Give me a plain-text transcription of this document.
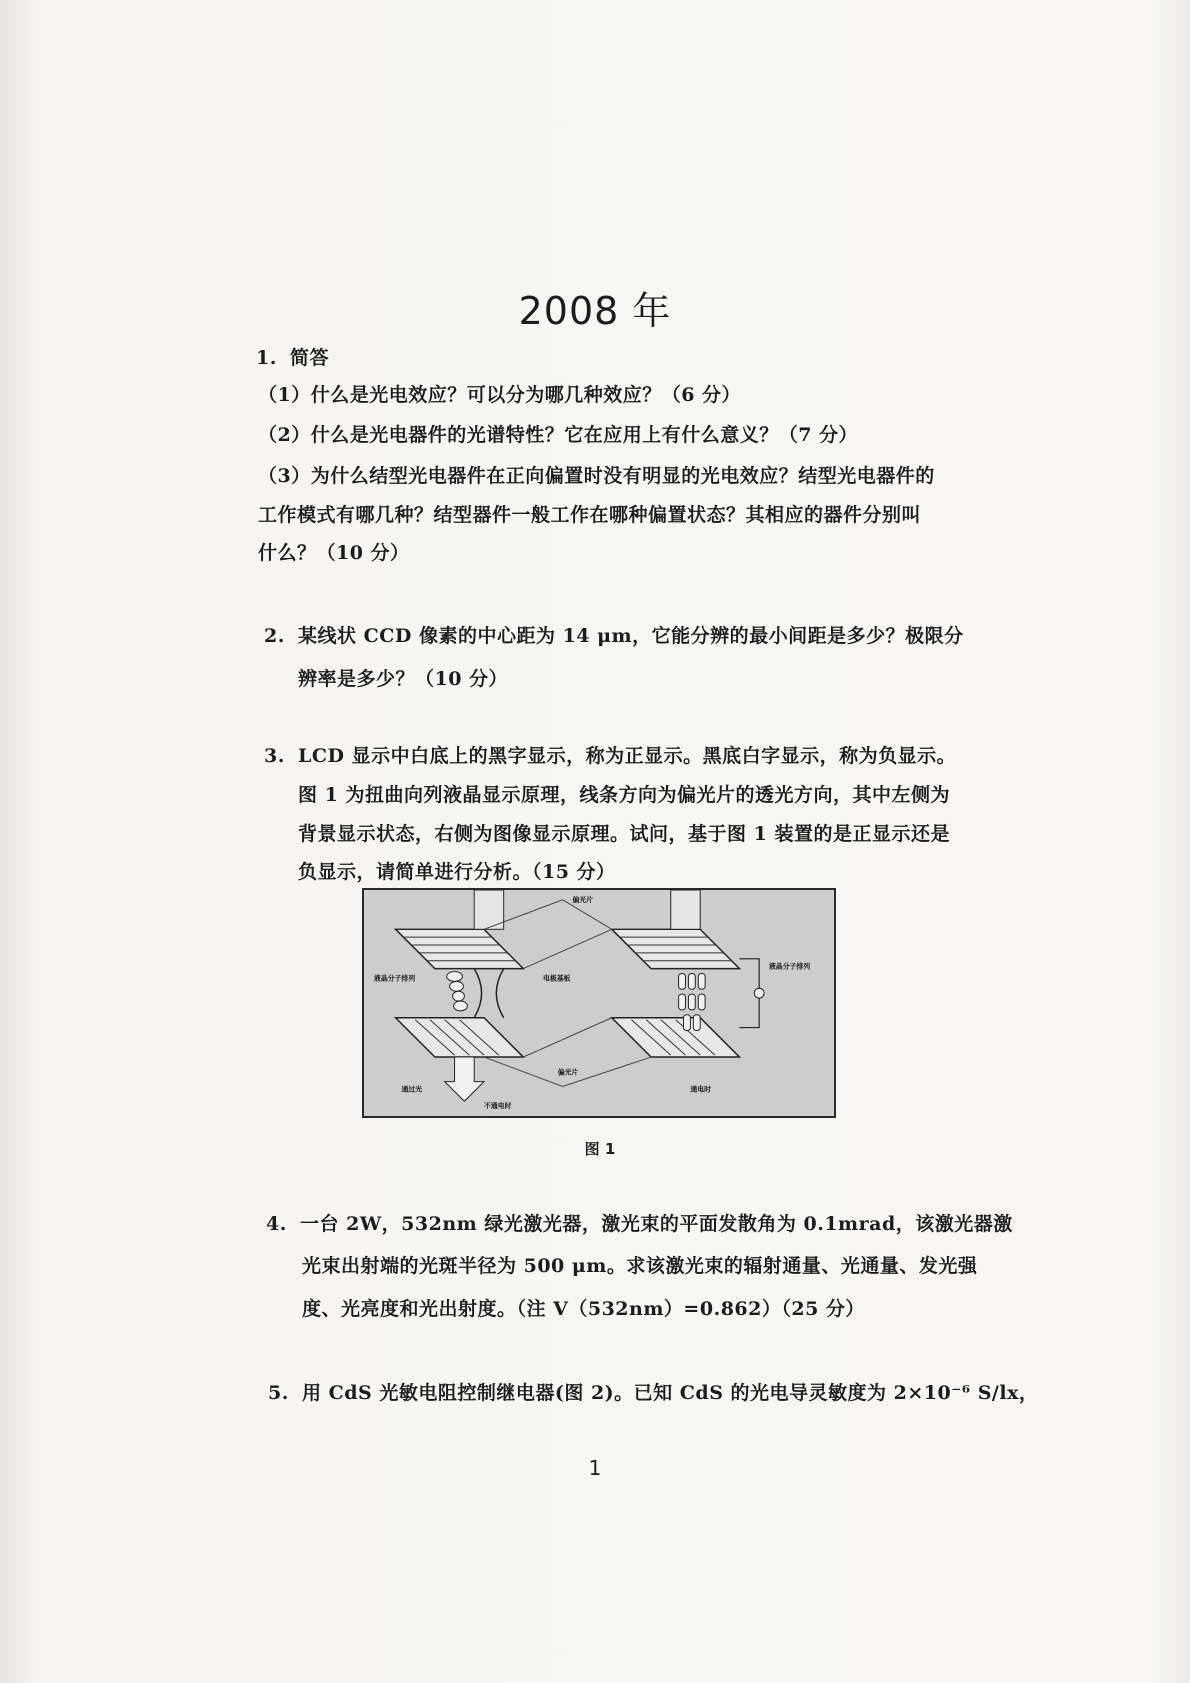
2008 年
1. 简答
（1）什么是光电效应？可以分为哪几种效应？（6 分）
（2）什么是光电器件的光谱特性？它在应用上有什么意义？（7 分）
（3）为什么结型光电器件在正向偏置时没有明显的光电效应？结型光电器件的
工作模式有哪几种？结型器件一般工作在哪种偏置状态？其相应的器件分别叫
什么？（10 分）
2. 某线状 CCD 像素的中心距为 14 μm，它能分辨的最小间距是多少？极限分
辨率是多少？（10 分）
3. LCD 显示中白底上的黑字显示，称为正显示。黑底白字显示，称为负显示。
图 1 为扭曲向列液晶显示原理，线条方向为偏光片的透光方向，其中左侧为
背景显示状态，右侧为图像显示原理。试问，基于图 1 装置的是正显示还是
负显示，请简单进行分析。（15 分）
偏光片
液晶分子排列	电极基板
液晶分子排列
偏光片
通过光
不通电时
通电时
图 1
4. 一台 2W，532nm 绿光激光器，激光束的平面发散角为 0.1mrad，该激光器激
光束出射端的光斑半径为 500 μm。求该激光束的辐射通量、光通量、发光强
度、光亮度和光出射度。（注 V（532nm）=0.862）（25 分）
5. 用 CdS 光敏电阻控制继电器(图 2)。已知 CdS 的光电导灵敏度为 2×10⁻⁶ S/lx，
1
